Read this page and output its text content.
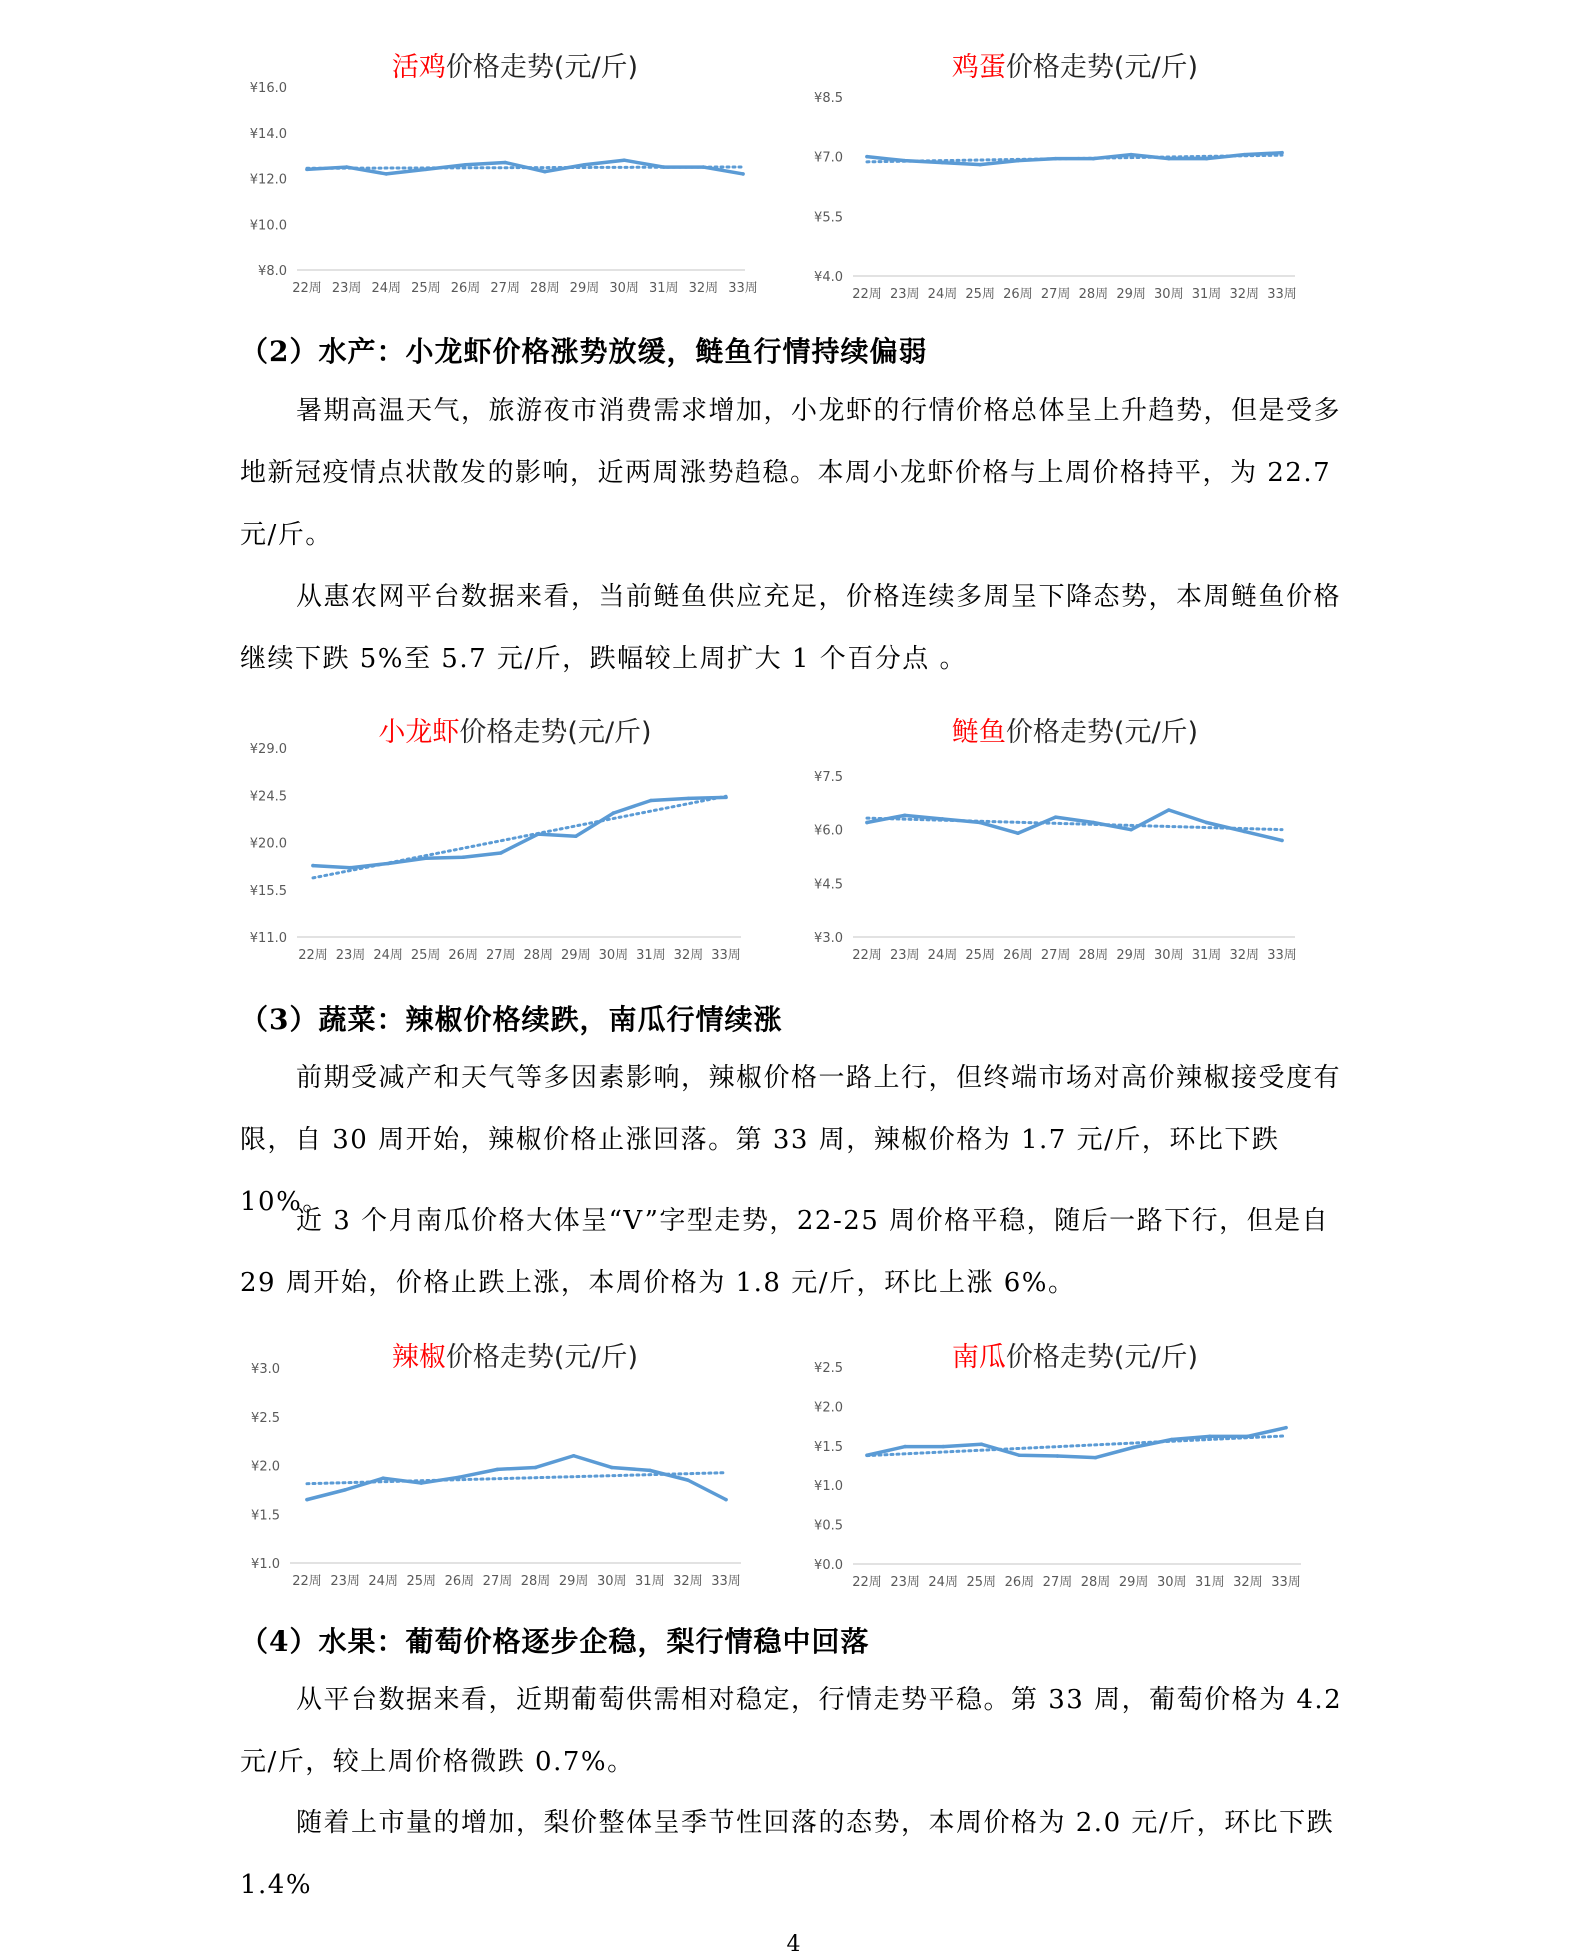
活鸡价格走势(元/斤)
¥16.0
¥14.0
¥12.0
¥10.0
¥8.0
22周 23周 24周 25周 26周 27周 28周 29周 30周 31周 32周 33周
鸡蛋价格走势(元/斤)
¥8.5
¥7.0
¥5.5
¥4.0
22周 23周 24周 25周 26周 27周 28周 29周 30周 31周 32周 33周
（2）水产：小龙虾价格涨势放缓，鲢鱼行情持续偏弱

暑期高温天气，旅游夜市消费需求增加，小龙虾的行情价格总体呈上升趋势，但是受多地新冠疫情点状散发的影响，近两周涨势趋稳。本周小龙虾价格与上周价格持平，为 22.7 元/斤。

从惠农网平台数据来看，当前鲢鱼供应充足，价格连续多周呈下降态势，本周鲢鱼价格继续下跌 5%至 5.7 元/斤，跌幅较上周扩大 1 个百分点 。

小龙虾价格走势(元/斤)
¥29.0
¥24.5
¥20.0
¥15.5
¥11.0
22周 23周 24周 25周 26周 27周 28周 29周 30周 31周 32周 33周
鲢鱼价格走势(元/斤)
¥7.5
¥6.0
¥4.5
¥3.0
22周 23周 24周 25周 26周 27周 28周 29周 30周 31周 32周 33周
（3）蔬菜：辣椒价格续跌，南瓜行情续涨

前期受减产和天气等多因素影响，辣椒价格一路上行，但终端市场对高价辣椒接受度有限，自 30 周开始，辣椒价格止涨回落。第 33 周，辣椒价格为 1.7 元/斤，环比下跌 10%。

近 3 个月南瓜价格大体呈“V”字型走势，22-25 周价格平稳，随后一路下行，但是自 29 周开始，价格止跌上涨，本周价格为 1.8 元/斤，环比上涨 6%。

辣椒价格走势(元/斤)
¥3.0
¥2.5
¥2.0
¥1.5
¥1.0
22周 23周 24周 25周 26周 27周 28周 29周 30周 31周 32周 33周
南瓜价格走势(元/斤)
¥2.5
¥2.0
¥1.5
¥1.0
¥0.5
¥0.0
22周 23周 24周 25周 26周 27周 28周 29周 30周 31周 32周 33周
（4）水果：葡萄价格逐步企稳，梨行情稳中回落

从平台数据来看，近期葡萄供需相对稳定，行情走势平稳。第 33 周，葡萄价格为 4.2 元/斤，较上周价格微跌 0.7%。

随着上市量的增加，梨价整体呈季节性回落的态势，本周价格为 2.0 元/斤，环比下跌 1.4%

4
